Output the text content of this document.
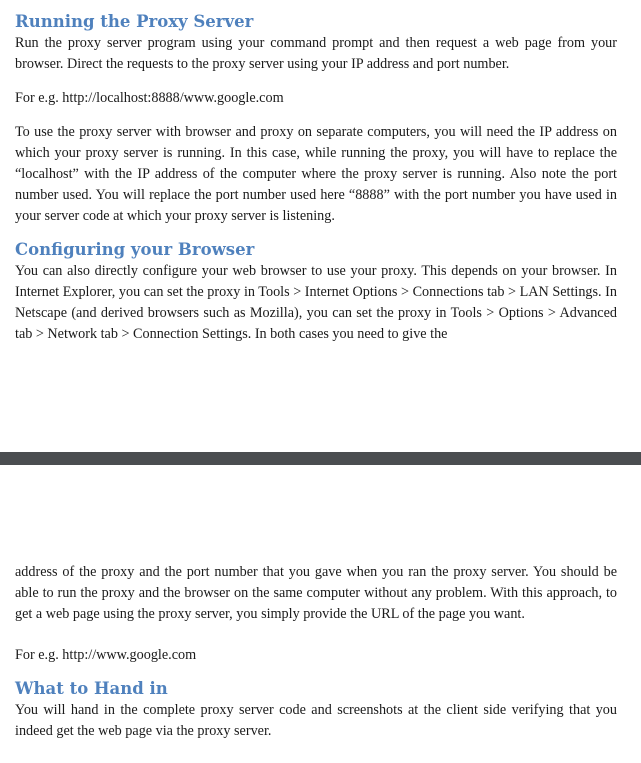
Running the Proxy Server

Run the proxy server program using your command prompt and then request a web page from your browser. Direct the requests to the proxy server using your IP address and port number.

For e.g. http://localhost:8888/www.google.com

To use the proxy server with browser and proxy on separate computers, you will need the IP address on which your proxy server is running. In this case, while running the proxy, you will have to replace the “localhost” with the IP address of the computer where the proxy server is running. Also note the port number used. You will replace the port number used here “8888” with the port number you have used in your server code at which your proxy server is listening.

Configuring your Browser

You can also directly configure your web browser to use your proxy. This depends on your browser. In Internet Explorer, you can set the proxy in Tools > Internet Options > Connections tab > LAN Settings. In Netscape (and derived browsers such as Mozilla), you can set the proxy in Tools > Options > Advanced tab > Network tab > Connection Settings. In both cases you need to give the

address of the proxy and the port number that you gave when you ran the proxy server. You should be able to run the proxy and the browser on the same computer without any problem. With this approach, to get a web page using the proxy server, you simply provide the URL of the page you want.

For e.g. http://www.google.com

What to Hand in

You will hand in the complete proxy server code and screenshots at the client side verifying that you indeed get the web page via the proxy server.
